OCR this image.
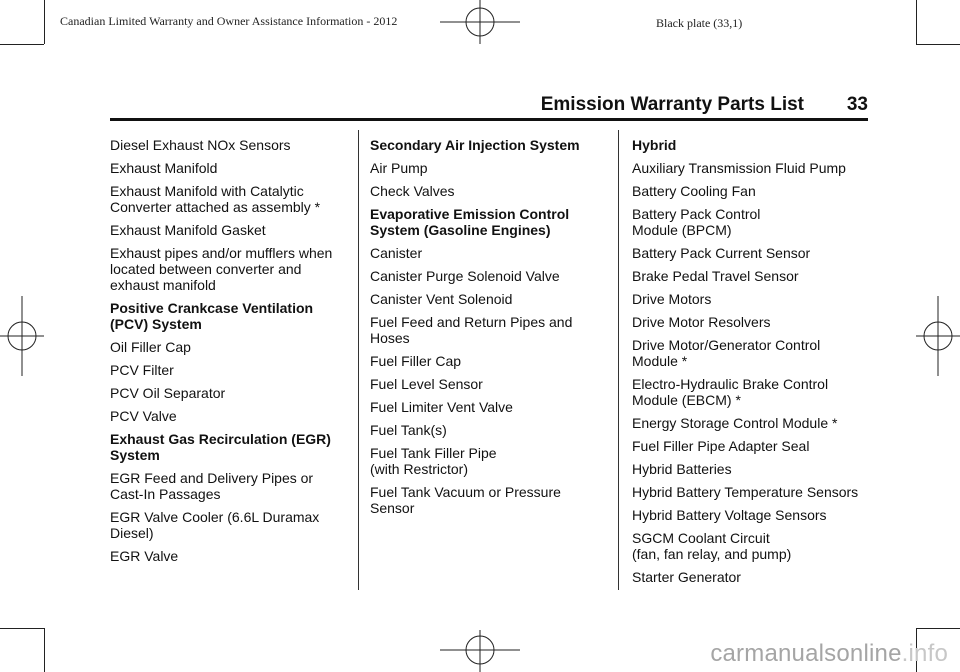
Canadian Limited Warranty and Owner Assistance Information - 2012	Black plate (33,1)
Emission Warranty Parts List 33
Diesel Exhaust NOx Sensors
Exhaust Manifold
Exhaust Manifold with Catalytic
Converter attached as assembly *
Exhaust Manifold Gasket
Exhaust pipes and/or mufflers when
located between converter and
exhaust manifold
Positive Crankcase Ventilation
(PCV) System
Oil Filler Cap
PCV Filter
PCV Oil Separator
PCV Valve
Exhaust Gas Recirculation (EGR)
System
EGR Feed and Delivery Pipes or
Cast-In Passages
EGR Valve Cooler (6.6L Duramax
Diesel)
EGR Valve
Secondary Air Injection System
Air Pump
Check Valves
Evaporative Emission Control
System (Gasoline Engines)
Canister
Canister Purge Solenoid Valve
Canister Vent Solenoid
Fuel Feed and Return Pipes and
Hoses
Fuel Filler Cap
Fuel Level Sensor
Fuel Limiter Vent Valve
Fuel Tank(s)
Fuel Tank Filler Pipe
(with Restrictor)
Fuel Tank Vacuum or Pressure
Sensor
Hybrid
Auxiliary Transmission Fluid Pump
Battery Cooling Fan
Battery Pack Control
Module (BPCM)
Battery Pack Current Sensor
Brake Pedal Travel Sensor
Drive Motors
Drive Motor Resolvers
Drive Motor/Generator Control
Module *
Electro-Hydraulic Brake Control
Module (EBCM) *
Energy Storage Control Module *
Fuel Filler Pipe Adapter Seal
Hybrid Batteries
Hybrid Battery Temperature Sensors
Hybrid Battery Voltage Sensors
SGCM Coolant Circuit
(fan, fan relay, and pump)
Starter Generator
carmanualsonline.info
